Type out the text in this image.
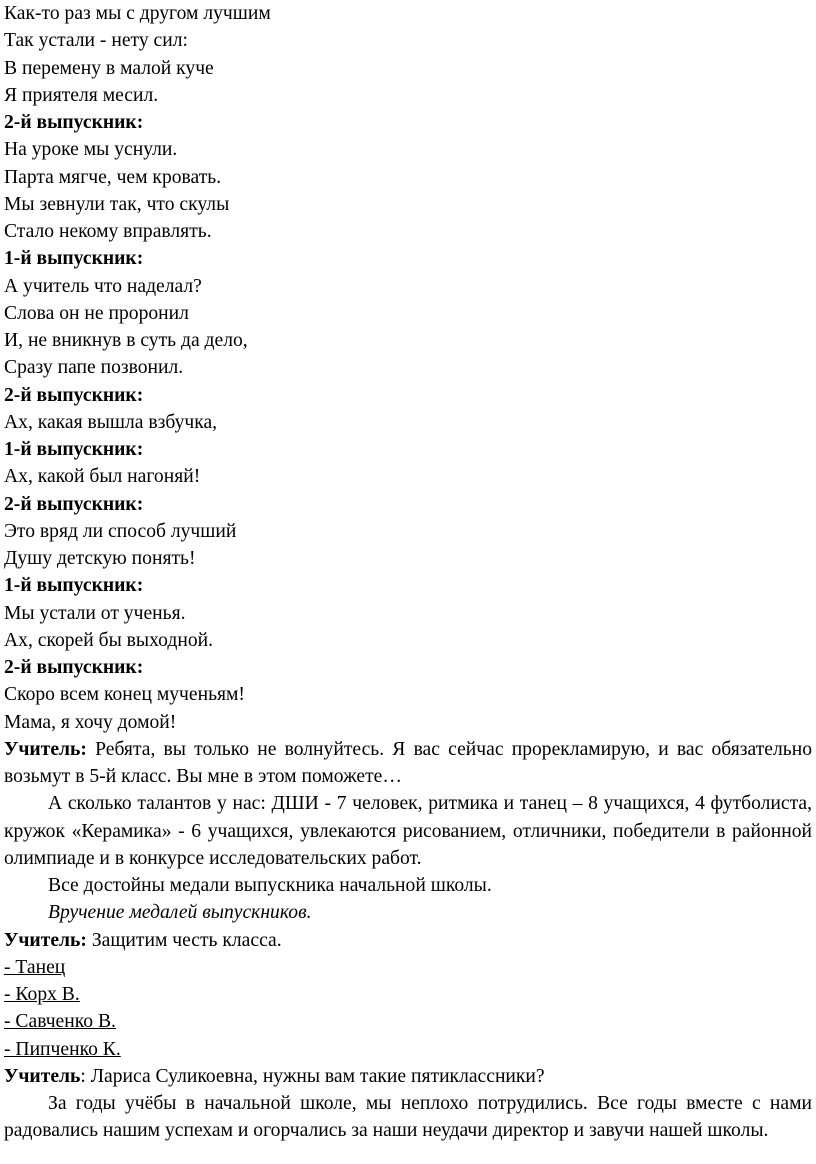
Как-то раз мы с другом лучшим
Так устали - нету сил:
В перемену в малой куче
Я приятеля месил.
2-й выпускник:
На уроке мы уснули.
Парта мягче, чем кровать.
Мы зевнули так, что скулы
Стало некому вправлять.
1-й выпускник:
А учитель что наделал?
Слова он не проронил
И, не вникнув в суть да дело,
Сразу папе позвонил.
2-й выпускник:
Ах, какая вышла взбучка,
1-й выпускник:
Ах, какой был нагоняй!
2-й выпускник:
Это вряд ли способ лучший
Душу детскую понять!
1-й выпускник:
Мы устали от ученья.
Ах, скорей бы выходной.
2-й выпускник:
Скоро всем конец мученьям!
Мама, я хочу домой!

Учитель: Ребята, вы только не волнуйтесь. Я вас сейчас прорекламирую, и вас обязательно возьмут в 5-й класс. Вы мне в этом поможете…

А сколько талантов у нас: ДШИ - 7 человек, ритмика и танец – 8 учащихся, 4 футболиста, кружок «Керамика» - 6 учащихся, увлекаются рисованием, отличники, победители в районной олимпиаде и в конкурсе исследовательских работ.

Все достойны медали выпускника начальной школы.

Вручение медалей выпускников.

Учитель: Защитим честь класса.

- Танец
- Корх В.
- Савченко В.
- Пипченко К.

Учитель: Лариса Суликоевна, нужны вам такие пятиклассники?

За годы учёбы в начальной школе, мы неплохо потрудились. Все годы вместе с нами радовались нашим успехам и огорчались за наши неудачи директор и завучи нашей школы.
